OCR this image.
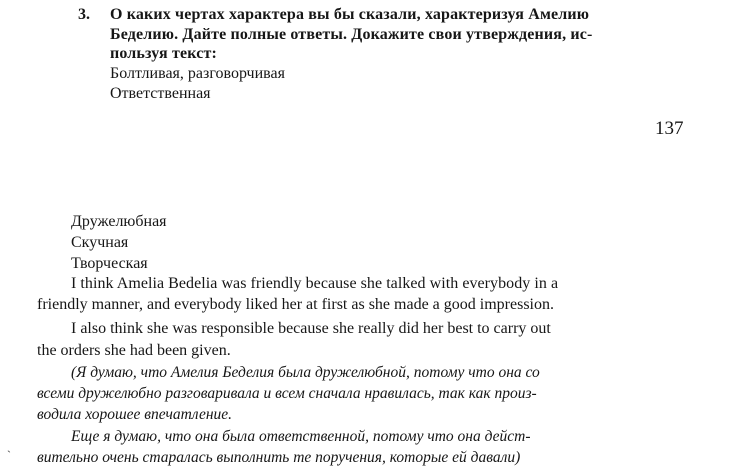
3. О каких чертах характера вы бы сказали, характеризуя Амелию
Беделию. Дайте полные ответы. Докажите свои утверждения, ис-
пользуя текст:
Болтливая, разговорчивая
Ответственная
137
Дружелюбная
Скучная
Творческая
I think Amelia Bedelia was friendly because she talked with everybody in a
friendly manner, and everybody liked her at first as she made a good impression.
I also think she was responsible because she really did her best to carry out
the orders she had been given.
(Я думаю, что Амелия Беделия была дружелюбной, потому что она со
всеми дружелюбно разговаривала и всем сначала нравилась, так как произ-
водила хорошее впечатление.
Еще я думаю, что она была ответственной, потому что она дейст-
вительно очень старалась выполнить те поручения, которые ей давали)
`
